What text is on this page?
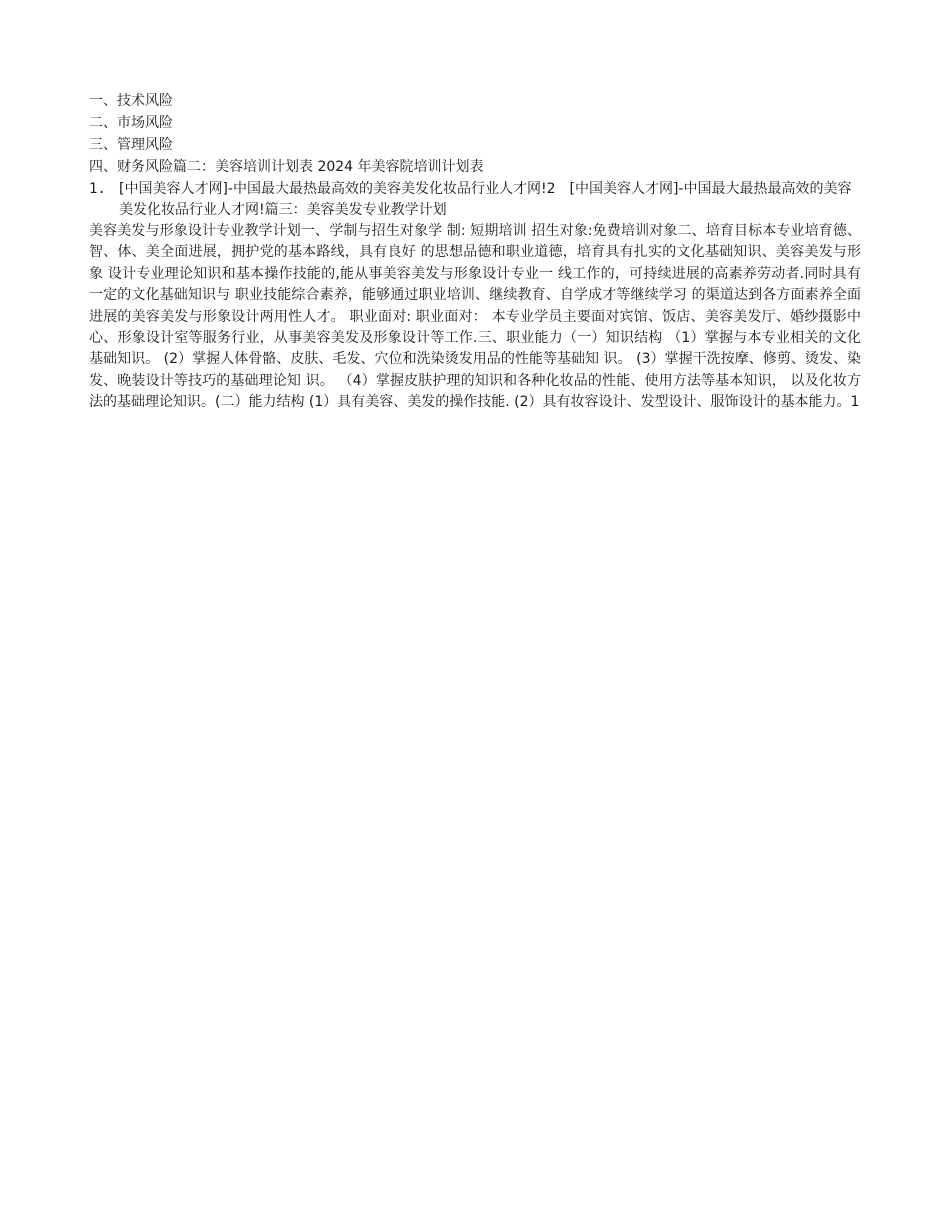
一、技术风险

二、市场风险

三、管理风险

四、财务风险篇二：美容培训计划表 2024 年美容院培训计划表

1. [中国美容人才网]-中国最大最热最高效的美容美发化妆品行业人才网!2　[中国美容人才网]-中国最大最热最高效的美容美发化妆品行业人才网!篇三：美容美发专业教学计划

美容美发与形象设计专业教学计划一、学制与招生对象学 制: 短期培训 招生对象:免费培训对象二、培育目标本专业培育德、智、体、美全面进展，拥护党的基本路线，具有良好 的思想品德和职业道德，培育具有扎实的文化基础知识、美容美发与形象 设计专业理论知识和基本操作技能的,能从事美容美发与形象设计专业一 线工作的，可持续进展的高素养劳动者.同时具有一定的文化基础知识与 职业技能综合素养，能够通过职业培训、继续教育、自学成才等继续学习 的渠道达到各方面素养全面进展的美容美发与形象设计两用性人才。 职业面对: 职业面对： 本专业学员主要面对宾馆、饭店、美容美发厅、婚纱摄影中心、形象设计室等服务行业，从事美容美发及形象设计等工作.三、职业能力（一）知识结构 （1）掌握与本专业相关的文化基础知识。 (2）掌握人体骨骼、皮肤、毛发、穴位和洗染烫发用品的性能等基础知 识。 (3）掌握干洗按摩、修剪、烫发、染发、晚装设计等技巧的基础理论知 识。 （4）掌握皮肤护理的知识和各种化妆品的性能、使用方法等基本知识， 以及化妆方法的基础理论知识。(二）能力结构 (1）具有美容、美发的操作技能. (2）具有妆容设计、发型设计、服饰设计的基本能力。1
